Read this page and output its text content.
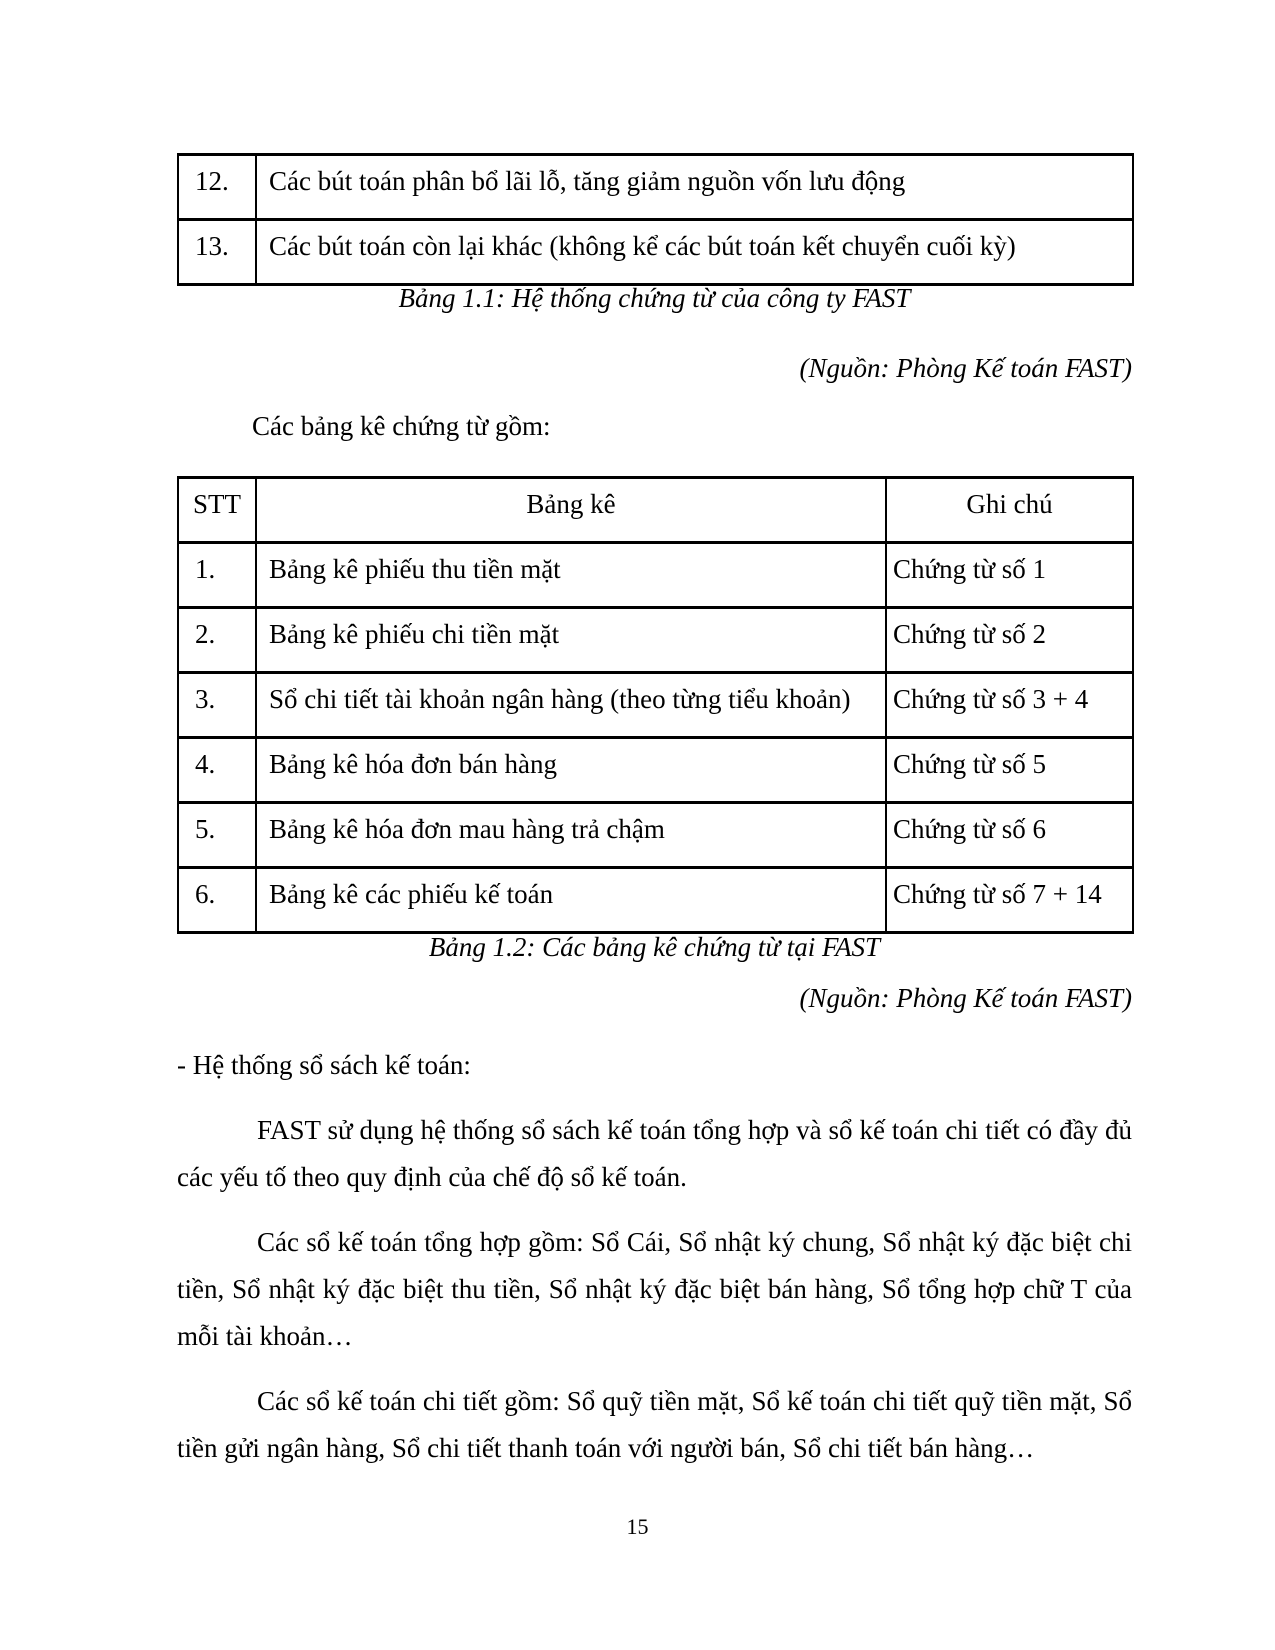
12.	Các bút toán phân bổ lãi lỗ, tăng giảm nguồn vốn lưu động
13.	Các bút toán còn lại khác (không kể các bút toán kết chuyển cuối kỳ)
Bảng 1.1: Hệ thống chứng từ của công ty FAST
(Nguồn: Phòng Kế toán FAST)
Các bảng kê chứng từ gồm:
STT	Bảng kê	Ghi chú
1.	Bảng kê phiếu thu tiền mặt	Chứng từ số 1
2.	Bảng kê phiếu chi tiền mặt	Chứng từ số 2
3.	Sổ chi tiết tài khoản ngân hàng (theo từng tiểu khoản)	Chứng từ số 3 + 4
4.	Bảng kê hóa đơn bán hàng	Chứng từ số 5
5.	Bảng kê hóa đơn mau hàng trả chậm	Chứng từ số 6
6.	Bảng kê các phiếu kế toán	Chứng từ số 7 + 14
Bảng 1.2: Các bảng kê chứng từ tại FAST
(Nguồn: Phòng Kế toán FAST)
- Hệ thống sổ sách kế toán:
FAST sử dụng hệ thống sổ sách kế toán tổng hợp và sổ kế toán chi tiết có đầy đủ
các yếu tố theo quy định của chế độ sổ kế toán.
Các sổ kế toán tổng hợp gồm: Sổ Cái, Sổ nhật ký chung, Sổ nhật ký đặc biệt chi
tiền, Sổ nhật ký đặc biệt thu tiền, Sổ nhật ký đặc biệt bán hàng, Sổ tổng hợp chữ T của
mỗi tài khoản…
Các sổ kế toán chi tiết gồm: Sổ quỹ tiền mặt, Sổ kế toán chi tiết quỹ tiền mặt, Sổ
tiền gửi ngân hàng, Sổ chi tiết thanh toán với người bán, Sổ chi tiết bán hàng…
15
